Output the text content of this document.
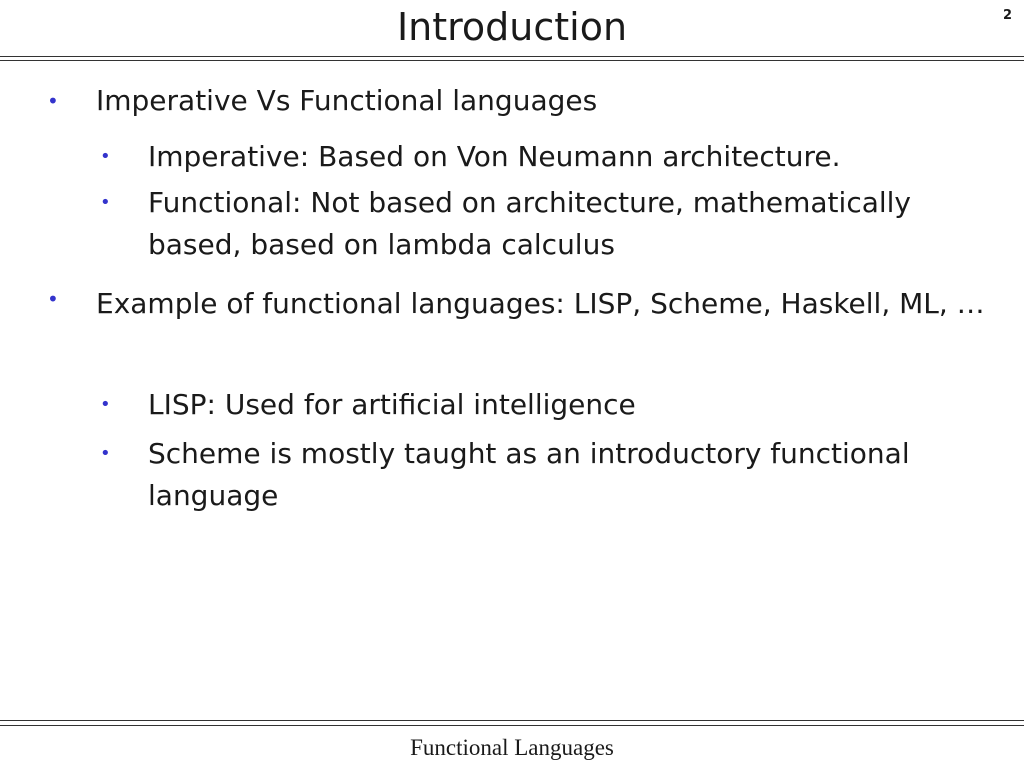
Introduction	2
• Imperative Vs Functional languages
• Imperative: Based on Von Neumann architecture.
• Functional: Not based on architecture, mathematically based, based on lambda calculus
• Example of functional languages: LISP, Scheme, Haskell, ML, …
• LISP: Used for artificial intelligence
• Scheme is mostly taught as an introductory functional language
Functional Languages
